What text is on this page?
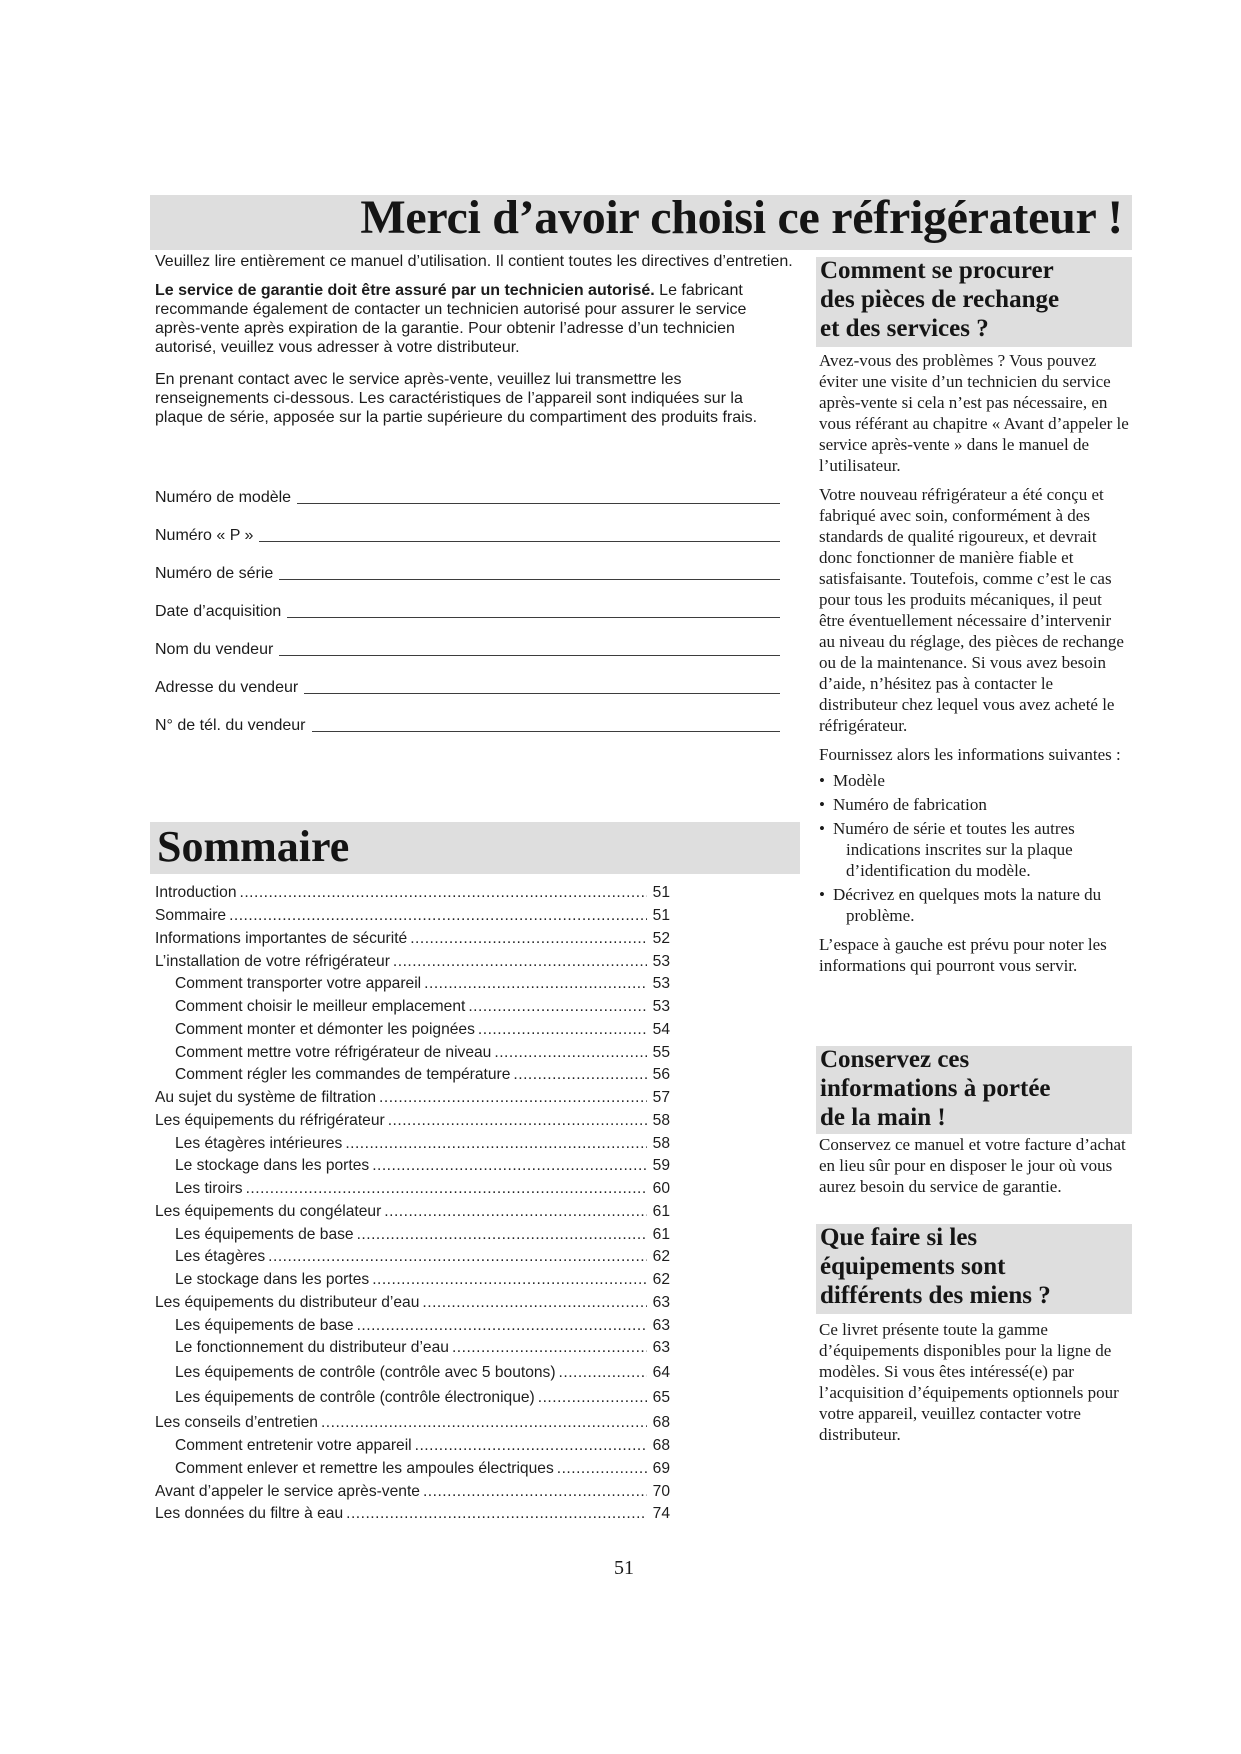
Merci d’avoir choisi ce réfrigérateur !

Veuillez lire entièrement ce manuel d’utilisation. Il contient toutes les directives d’entretien.

Le service de garantie doit être assuré par un technicien autorisé. Le fabricant recommande également de contacter un technicien autorisé pour assurer le service après-vente après expiration de la garantie. Pour obtenir l’adresse d’un technicien autorisé, veuillez vous adresser à votre distributeur.

En prenant contact avec le service après-vente, veuillez lui transmettre les renseignements ci-dessous. Les caractéristiques de l’appareil sont indiquées sur la plaque de série, apposée sur la partie supérieure du compartiment des produits frais.

Numéro de modèle
Numéro « P »
Numéro de série
Date d’acquisition
Nom du vendeur
Adresse du vendeur
N° de tél. du vendeur
Sommaire
Introduction .....	51
Sommaire .....	51
Informations importantes de sécurité .....	52
L’installation de votre réfrigérateur .....	53
Comment transporter votre appareil .....	53
Comment choisir le meilleur emplacement .....	53
Comment monter et démonter les poignées .....	54
Comment mettre votre réfrigérateur de niveau .....	55
Comment régler les commandes de température .....	56
Au sujet du système de filtration .....	57
Les équipements du réfrigérateur .....	58
Les étagères intérieures .....	58
Le stockage dans les portes .....	59
Les tiroirs .....	60
Les équipements du congélateur .....	61
Les équipements de base .....	61
Les étagères .....	62
Le stockage dans les portes .....	62
Les équipements du distributeur d’eau .....	63
Les équipements de base .....	63
Le fonctionnement du distributeur d’eau .....	63
Les équipements de contrôle (contrôle avec 5 boutons) .....	64
Les équipements de contrôle (contrôle électronique) .....	65
Les conseils d’entretien .....	68
Comment entretenir votre appareil .....	68
Comment enlever et remettre les ampoules électriques .....	69
Avant d’appeler le service après-vente .....	70
Les données du filtre à eau .....	74
Comment se procurer
des pièces de rechange
et des services ?

Avez-vous des problèmes ? Vous pouvez éviter une visite d’un technicien du service après-vente si cela n’est pas nécessaire, en vous référant au chapitre « Avant d’appeler le service après-vente » dans le manuel de l’utilisateur.

Votre nouveau réfrigérateur a été conçu et fabriqué avec soin, conformément à des standards de qualité rigoureux, et devrait donc fonctionner de manière fiable et satisfaisante. Toutefois, comme c’est le cas pour tous les produits mécaniques, il peut être éventuellement nécessaire d’intervenir au niveau du réglage, des pièces de rechange ou de la maintenance. Si vous avez besoin d’aide, n’hésitez pas à contacter le distributeur chez lequel vous avez acheté le réfrigérateur.

Fournissez alors les informations suivantes :

• Modèle
• Numéro de fabrication
• Numéro de série et toutes les autres indications inscrites sur la plaque d’identification du modèle.
• Décrivez en quelques mots la nature du problème.

L’espace à gauche est prévu pour noter les informations qui pourront vous servir.

Conservez ces
informations à portée
de la main !

Conservez ce manuel et votre facture d’achat en lieu sûr pour en disposer le jour où vous aurez besoin du service de garantie.

Que faire si les
équipements sont
différents des miens ?

Ce livret présente toute la gamme d’équipements disponibles pour la ligne de modèles. Si vous êtes intéressé(e) par l’acquisition d’équipements optionnels pour votre appareil, veuillez contacter votre distributeur.

51
